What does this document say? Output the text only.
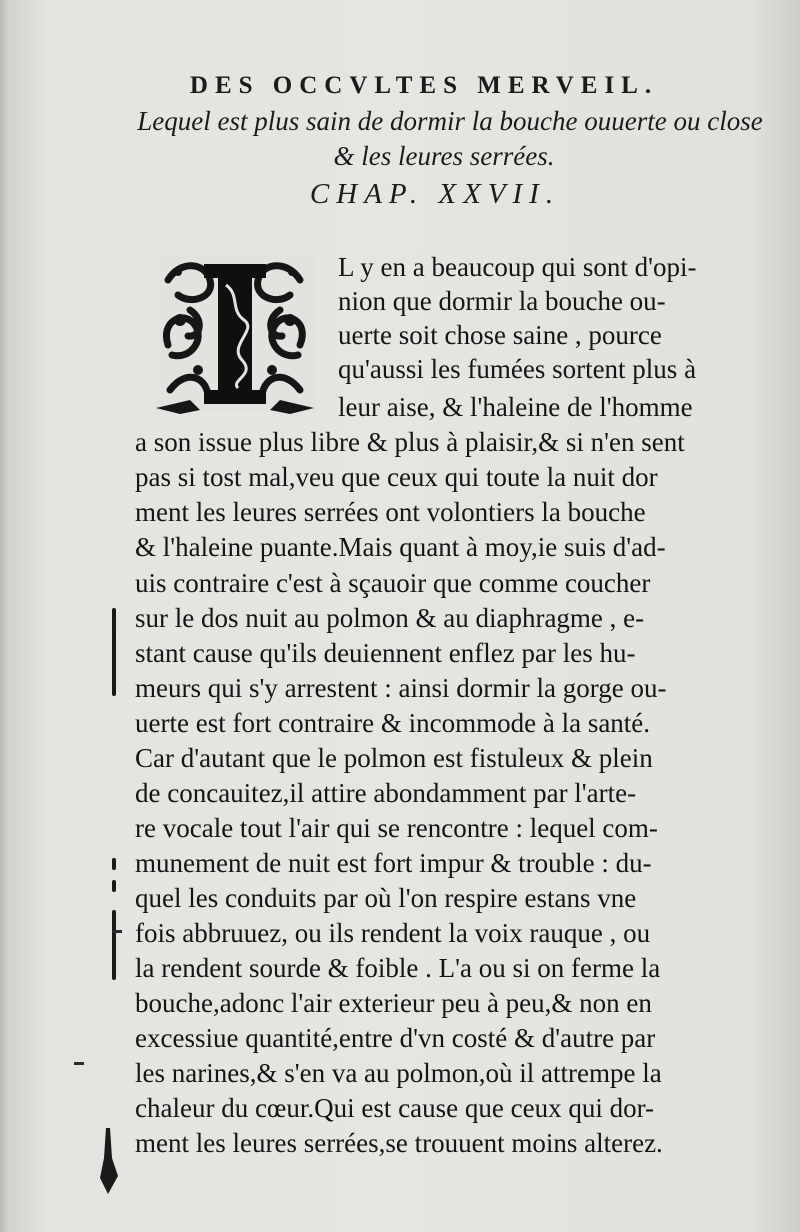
DES OCCVLTES MERVEIL.
Lequel est plus sain de dormir la bouche ouuerte ou close
& les leures serrées.
CHAP. XXVII.
L y en a beaucoup qui sont d'opi-
nion que dormir la bouche ou-
uerte soit chose saine , pource
qu'aussi les fumées sortent plus à
leur aise, & l'haleine de l'homme
a son issue plus libre & plus à plaisir,& si n'en sent
pas si tost mal,veu que ceux qui toute la nuit dor
ment les leures serrées ont volontiers la bouche
& l'haleine puante.Mais quant à moy,ie suis d'ad-
uis contraire c'est à sçauoir que comme coucher
sur le dos nuit au polmon & au diaphragme , e-
stant cause qu'ils deuiennent enflez par les hu-
meurs qui s'y arrestent : ainsi dormir la gorge ou-
uerte est fort contraire & incommode à la santé.
Car d'autant que le polmon est fistuleux & plein
de concauitez,il attire abondamment par l'arte-
re vocale tout l'air qui se rencontre : lequel com-
munement de nuit est fort impur & trouble : du-
quel les conduits par où l'on respire estans vne
fois abbruuez, ou ils rendent la voix rauque , ou
la rendent sourde & foible . L'a ou si on ferme la
bouche,adonc l'air exterieur peu à peu,& non en
excessiue quantité,entre d'vn costé & d'autre par
les narines,& s'en va au polmon,où il attrempe la
chaleur du cœur.Qui est cause que ceux qui dor-
ment les leures serrées,se trouuent moins alterez.
